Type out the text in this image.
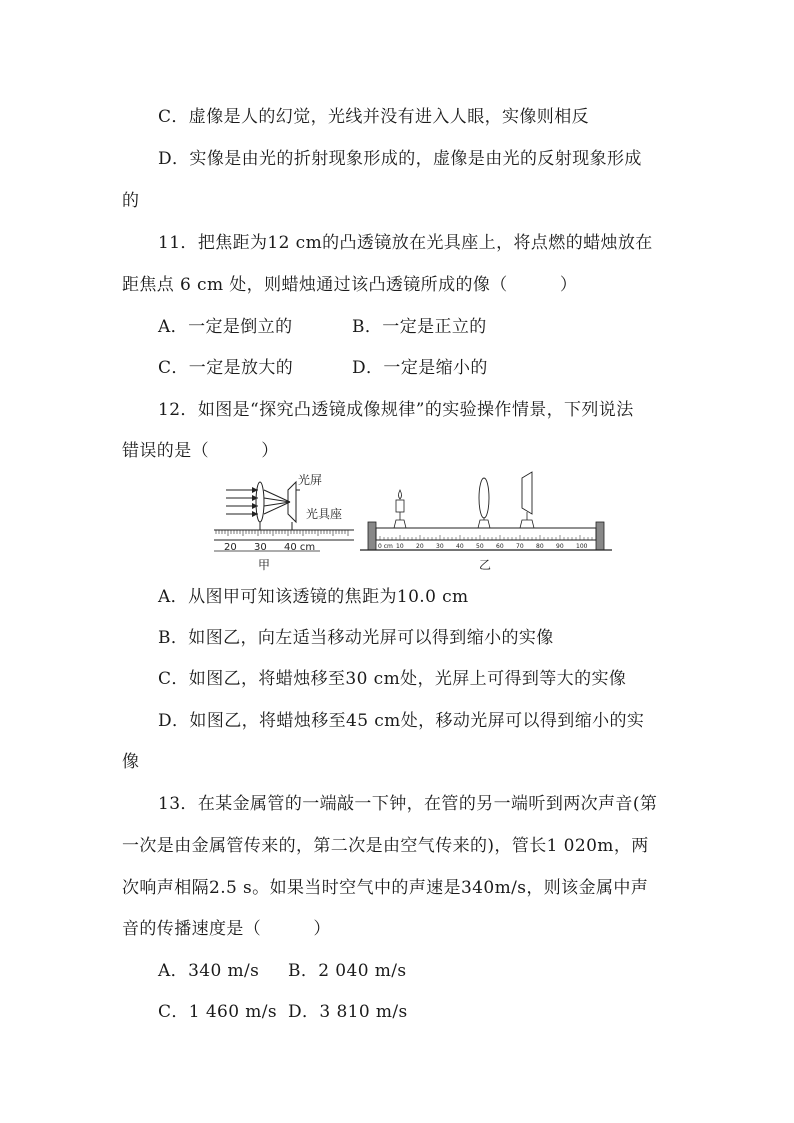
C．虚像是人的幻觉，光线并没有进入人眼，实像则相反
D．实像是由光的折射现象形成的，虚像是由光的反射现象形成
的
11．把焦距为12 cm的凸透镜放在光具座上，将点燃的蜡烛放在
距焦点 6 cm 处，则蜡烛通过该凸透镜所成的像（　　　）
A．一定是倒立的	B．一定是正立的
C．一定是放大的	D．一定是缩小的
12．如图是“探究凸透镜成像规律”的实验操作情景，下列说法
错误的是（　　　）
光屏
光具座
20 30 40 cm
甲
0 cm 10 20 30 40 50 60 70 80 90 100
乙
A．从图甲可知该透镜的焦距为10.0 cm
B．如图乙，向左适当移动光屏可以得到缩小的实像
C．如图乙，将蜡烛移至30 cm处，光屏上可得到等大的实像
D．如图乙，将蜡烛移至45 cm处，移动光屏可以得到缩小的实
像
13．在某金属管的一端敲一下钟，在管的另一端听到两次声音(第
一次是由金属管传来的，第二次是由空气传来的)，管长1 020m，两
次响声相隔2.5 s。如果当时空气中的声速是340m/s，则该金属中声
音的传播速度是（　　　）
A．340 m/s B．2 040 m/s
C．1 460 m/s D．3 810 m/s
